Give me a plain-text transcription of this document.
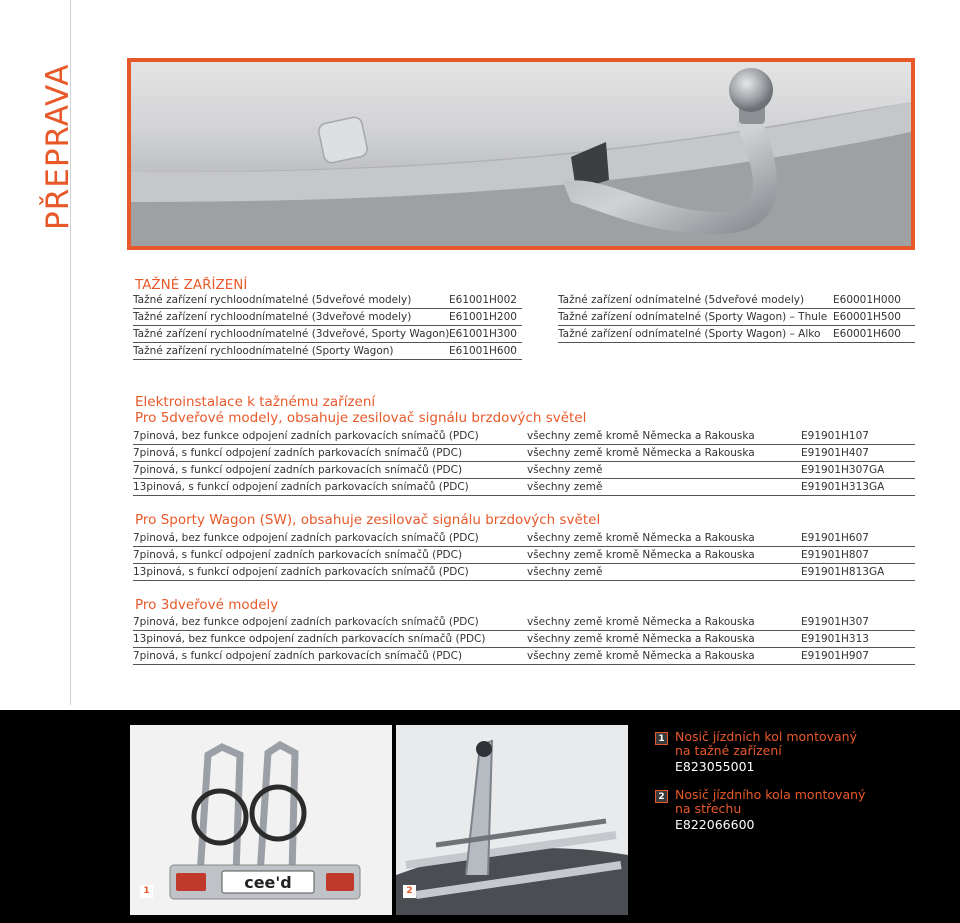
PŘEPRAVA
TAŽNÉ ZAŘÍZENÍ
Tažné zařízení rychloodnímatelné (5dveřové modely)	E61001H002
Tažné zařízení rychloodnímatelné (3dveřové modely)	E61001H200
Tažné zařízení rychloodnímatelné (3dveřové, Sporty Wagon) E61001H300
Tažné zařízení rychloodnímatelné (Sporty Wagon)	E61001H600
Tažné zařízení odnímatelné (5dveřové modely)	E60001H000
Tažné zařízení odnímatelné (Sporty Wagon) – Thule E60001H500
Tažné zařízení odnímatelné (Sporty Wagon) – Alko E60001H600
Elektroinstalace k tažnému zařízení
Pro 5dveřové modely, obsahuje zesilovač signálu brzdových světel
7pinová, bez funkce odpojení zadních parkovacích snímačů (PDC)	všechny země kromě Německa a Rakouska	E91901H107
7pinová, s funkcí odpojení zadních parkovacích snímačů (PDC)	všechny země kromě Německa a Rakouska	E91901H407
7pinová, s funkcí odpojení zadních parkovacích snímačů (PDC)	všechny země	E91901H307GA
13pinová, s funkcí odpojení zadních parkovacích snímačů (PDC)	všechny země	E91901H313GA
Pro Sporty Wagon (SW), obsahuje zesilovač signálu brzdových světel
7pinová, bez funkce odpojení zadních parkovacích snímačů (PDC)	všechny země kromě Německa a Rakouska	E91901H607
7pinová, s funkcí odpojení zadních parkovacích snímačů (PDC)	všechny země kromě Německa a Rakouska	E91901H807
13pinová, s funkcí odpojení zadních parkovacích snímačů (PDC)	všechny země	E91901H813GA
Pro 3dveřové modely
7pinová, bez funkce odpojení zadních parkovacích snímačů (PDC)	všechny země kromě Německa a Rakouska	E91901H307
13pinová, bez funkce odpojení zadních parkovacích snímačů (PDC)	všechny země kromě Německa a Rakouska	E91901H313
7pinová, s funkcí odpojení zadních parkovacích snímačů (PDC)	všechny země kromě Německa a Rakouska	E91901H907
cee'd
1	2
1 Nosič jízdních kol montovaný
na tažné zařízení
E823055001
2 Nosič jízdního kola montovaný
na střechu
E822066600
